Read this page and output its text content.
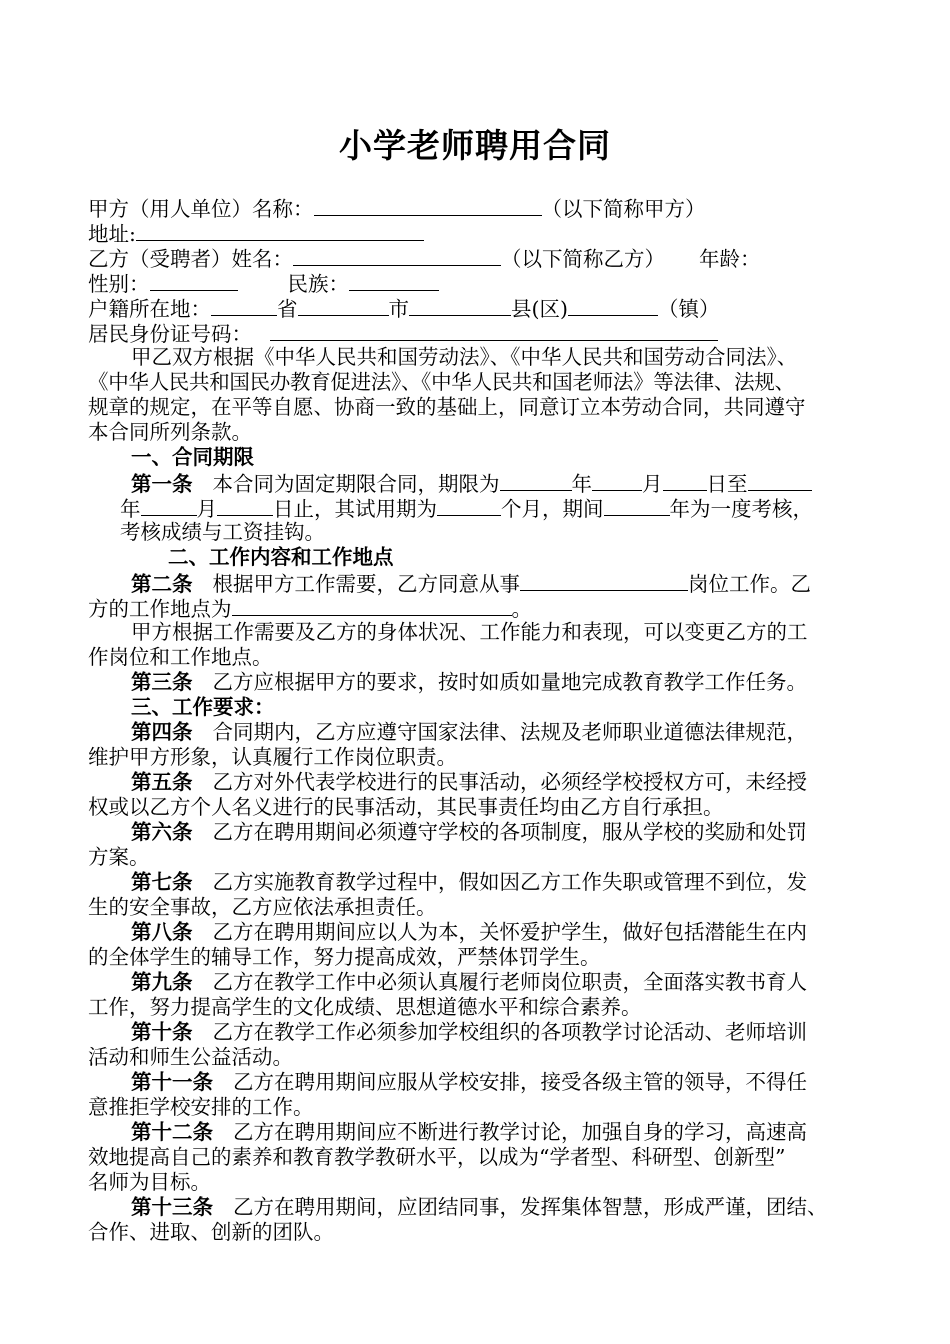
小学老师聘用合同
甲方（用人单位）名称：	（以下简称甲方）
地址:
乙方（受聘者）姓名：	（以下简称乙方） 年龄：
性别：	民族：
户籍所在地：	省	市	县(区)	（镇）
居民身份证号码：
甲乙双方根据《中华人民共和国劳动法》、《中华人民共和国劳动合同法》、
《中华人民共和国民办教育促进法》、《中华人民共和国老师法》等法律、法规、
规章的规定，在平等自愿、协商一致的基础上，同意订立本劳动合同，共同遵守
本合同所列条款。
一、合同期限
第一条 本合同为固定期限合同，期限为	年 月 日至
年	月	日止，其试用期为	个月，期间	年为一度考核，
考核成绩与工资挂钩。
二、工作内容和工作地点
第二条 根据甲方工作需要，乙方同意从事	岗位工作。乙
方的工作地点为	。
甲方根据工作需要及乙方的身体状况、工作能力和表现，可以变更乙方的工
作岗位和工作地点。
第三条 乙方应根据甲方的要求，按时如质如量地完成教育教学工作任务。
三、工作要求：
第四条 合同期内，乙方应遵守国家法律、法规及老师职业道德法律规范，
维护甲方形象，认真履行工作岗位职责。
第五条 乙方对外代表学校进行的民事活动，必须经学校授权方可，未经授
权或以乙方个人名义进行的民事活动，其民事责任均由乙方自行承担。
第六条 乙方在聘用期间必须遵守学校的各项制度，服从学校的奖励和处罚
方案。
第七条 乙方实施教育教学过程中，假如因乙方工作失职或管理不到位，发
生的安全事故，乙方应依法承担责任。
第八条 乙方在聘用期间应以人为本，关怀爱护学生，做好包括潜能生在内
的全体学生的辅导工作，努力提高成效，严禁体罚学生。
第九条 乙方在教学工作中必须认真履行老师岗位职责，全面落实教书育人
工作，努力提高学生的文化成绩、思想道德水平和综合素养。
第十条 乙方在教学工作必须参加学校组织的各项教学讨论活动、老师培训
活动和师生公益活动。
第十一条 乙方在聘用期间应服从学校安排，接受各级主管的领导，不得任
意推拒学校安排的工作。
第十二条 乙方在聘用期间应不断进行教学讨论，加强自身的学习，高速高
效地提高自己的素养和教育教学教研水平，以成为“学者型、科研型、创新型”
名师为目标。
第十三条 乙方在聘用期间，应团结同事，发挥集体智慧，形成严谨，团结、
合作、进取、创新的团队。
